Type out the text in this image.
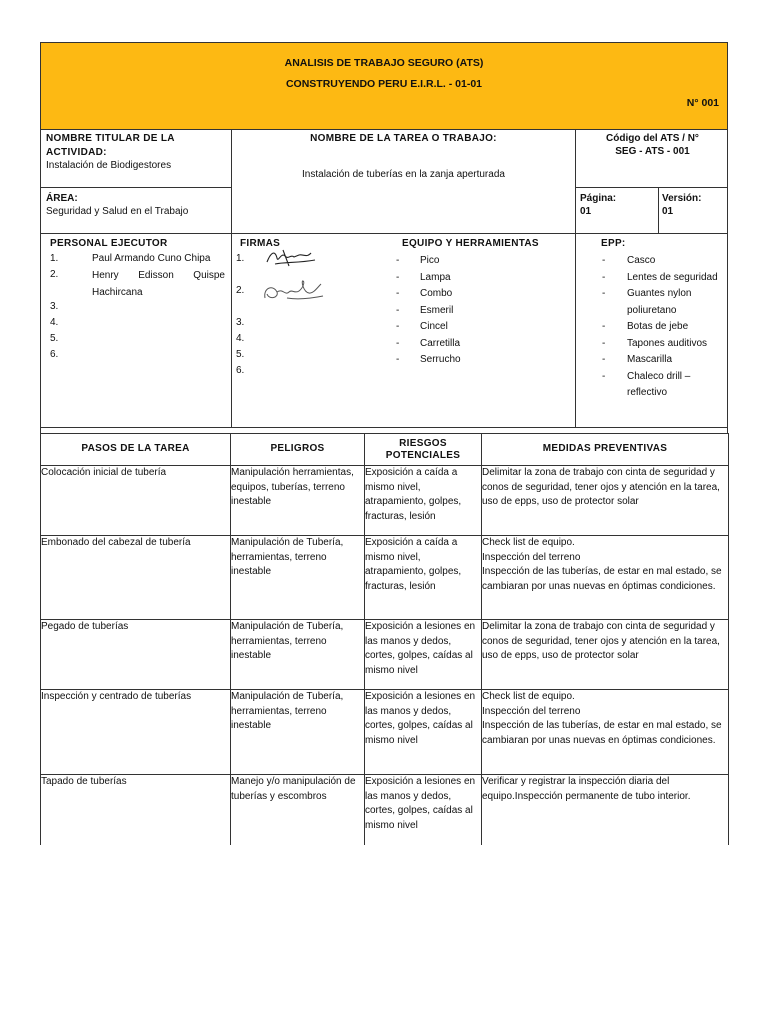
ANALISIS DE TRABAJO SEGURO (ATS)
CONSTRUYENDO PERU E.I.R.L. - 01-01
N° 001
NOMBRE TITULAR DE LA ACTIVIDAD:
Instalación de Biodigestores
NOMBRE DE LA TAREA O TRABAJO:
Instalación de tuberías en la zanja aperturada
Código del ATS / N°
SEG - ATS - 001
ÁREA:
Seguridad y Salud en el Trabajo
Página:
01
Versión:
01
PERSONAL EJECUTOR
1.	Paul Armando Cuno Chipa
2.	Henry Edisson Quispe Hachircana
3.
4.
5.
6.
FIRMAS
1.
2.
3.
4.
5.
6.
EQUIPO Y HERRAMIENTAS
- Pico
- Lampa
- Combo
- Esmeril
- Cincel
- Carretilla
- Serrucho
EPP:
- Casco
- Lentes de seguridad
- Guantes nylon poliuretano
- Botas de jebe
- Tapones auditivos
- Mascarilla
- Chaleco drill – reflectivo
PASOS DE LA TAREA	PELIGROS	RIESGOS POTENCIALES	MEDIDAS PREVENTIVAS
Colocación inicial de tubería	Manipulación herramientas, equipos, tuberías, terreno inestable	Exposición a caída a mismo nivel, atrapamiento, golpes, fracturas, lesión	Delimitar la zona de trabajo con cinta de seguridad y conos de seguridad, tener ojos y atención en la tarea, uso de epps, uso de protector solar
Embonado del cabezal de tubería	Manipulación de Tubería, herramientas, terreno inestable	Exposición a caída a mismo nivel, atrapamiento, golpes, fracturas, lesión	Check list de equipo.
Inspección del terreno
Inspección de las tuberías, de estar en mal estado, se cambiaran por unas nuevas en óptimas condiciones.
Pegado de tuberías	Manipulación de Tubería, herramientas, terreno inestable	Exposición a lesiones en las manos y dedos, cortes, golpes, caídas al mismo nivel	Delimitar la zona de trabajo con cinta de seguridad y conos de seguridad, tener ojos y atención en la tarea, uso de epps, uso de protector solar
Inspección y centrado de tuberías	Manipulación de Tubería, herramientas, terreno inestable	Exposición a lesiones en las manos y dedos, cortes, golpes, caídas al mismo nivel	Check list de equipo.
Inspección del terreno
Inspección de las tuberías, de estar en mal estado, se cambiaran por unas nuevas en óptimas condiciones.
Tapado de tuberías	Manejo y/o manipulación de tuberías y escombros	Exposición a lesiones en las manos y dedos, cortes, golpes, caídas al mismo nivel	Verificar y registrar la inspección diaria del equipo.Inspección permanente de tubo interior.
